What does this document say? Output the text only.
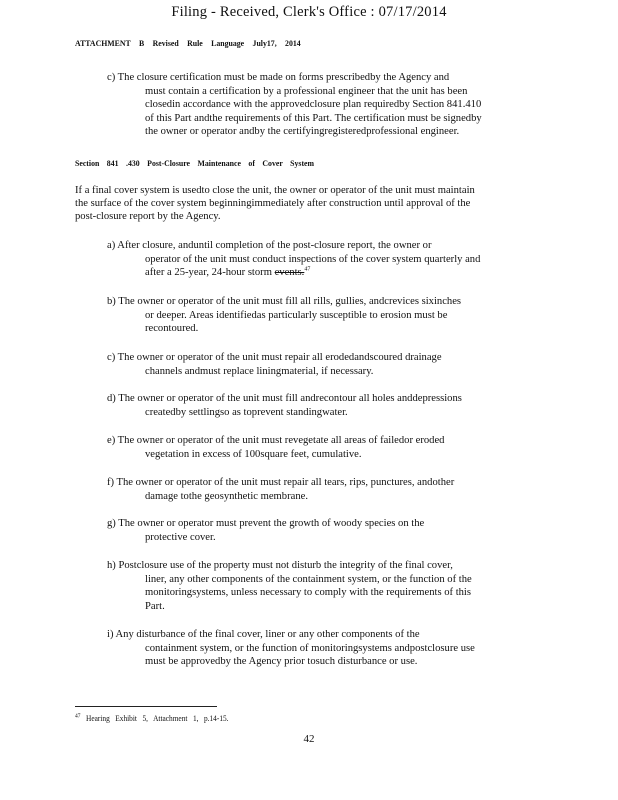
Filing - Received, Clerk's Office : 07/17/2014
ATTACHMENT B Revised Rule Language July17, 2014
c) The closure certification must be made on forms prescribedby the Agency and
must contain a certification by a professional engineer that the unit has been
closedin accordance with the approvedclosure plan requiredby Section 841.410
of this Part andthe requirements of this Part. The certification must be signedby
the owner or operator andby the certifyingregisteredprofessional engineer.
Section 841 .430 Post-Closure Maintenance of Cover System
If a final cover system is usedto close the unit, the owner or operator of the unit must maintain
the surface of the cover system beginningimmediately after construction until approval of the
post-closure report by the Agency.
a) After closure, anduntil completion of the post-closure report, the owner or
operator of the unit must conduct inspections of the cover system quarterly and
after a 25-year, 24-hour storm events.$^{47}$
b) The owner or operator of the unit must fill all rills, gullies, andcrevices sixinches
or deeper. Areas identifiedas particularly susceptible to erosion must be
recontoured.
c) The owner or operator of the unit must repair all erodedandscoured drainage
channels andmust replace liningmaterial, if necessary.
d) The owner or operator of the unit must fill andrecontour all holes anddepressions
createdby settlingso as toprevent standingwater.
e) The owner or operator of the unit must revegetate all areas of failedor eroded
vegetation in excess of 100square feet, cumulative.
f) The owner or operator of the unit must repair all tears, rips, punctures, andother
damage tothe geosynthetic membrane.
g) The owner or operator must prevent the growth of woody species on the
protective cover.
h) Postclosure use of the property must not disturb the integrity of the final cover,
liner, any other components of the containment system, or the function of the
monitoringsystems, unless necessary to comply with the requirements of this
Part.
i) Any disturbance of the final cover, liner or any other components of the
containment system, or the function of monitoringsystems andpostclosure use
must be approvedby the Agency prior tosuch disturbance or use.
$^{47}$ Hearing Exhibit 5, Attachment 1, p.14-15.
42
